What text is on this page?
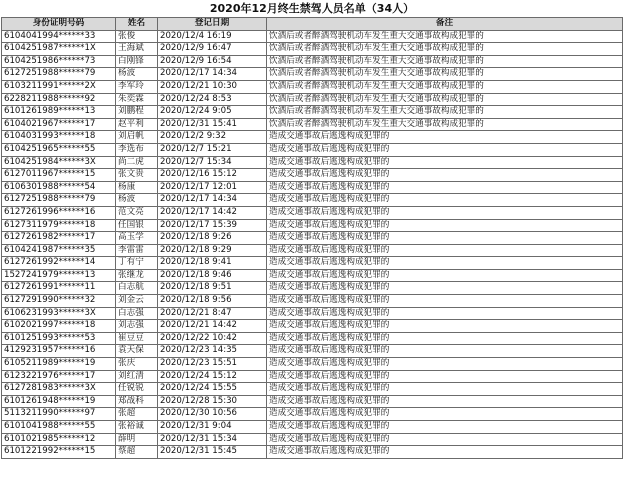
2020年12月终生禁驾人员名单（34人）
身份证明号码	姓名	登记日期	备注
6104041994******33	张俊	2020/12/4 16:19	饮酒后或者醉酒驾驶机动车发生重大交通事故构成犯罪的
6104251987******1X	王海斌	2020/12/9 16:47	饮酒后或者醉酒驾驶机动车发生重大交通事故构成犯罪的
6104251986******73	白刚锋	2020/12/9 16:54	饮酒后或者醉酒驾驶机动车发生重大交通事故构成犯罪的
6127251988******79	杨波	2020/12/17 14:34	饮酒后或者醉酒驾驶机动车发生重大交通事故构成犯罪的
6103211991******2X	李军玲	2020/12/21 10:30	饮酒后或者醉酒驾驶机动车发生重大交通事故构成犯罪的
6228211988******92	朱奕霖	2020/12/24 8:53	饮酒后或者醉酒驾驶机动车发生重大交通事故构成犯罪的
6101261989******13	刘鹏程	2020/12/24 9:05	饮酒后或者醉酒驾驶机动车发生重大交通事故构成犯罪的
6104021967******17	赵平利	2020/12/31 15:41	饮酒后或者醉酒驾驶机动车发生重大交通事故构成犯罪的
6104031993******18	刘启帆	2020/12/2 9:32	造成交通事故后逃逸构成犯罪的
6104251965******55	李选布	2020/12/7 15:21	造成交通事故后逃逸构成犯罪的
6104251984******3X	尚二虎	2020/12/7 15:34	造成交通事故后逃逸构成犯罪的
6127011967******15	张文贵	2020/12/16 15:12	造成交通事故后逃逸构成犯罪的
6106301988******54	杨康	2020/12/17 12:01	造成交通事故后逃逸构成犯罪的
6127251988******79	杨波	2020/12/17 14:34	造成交通事故后逃逸构成犯罪的
6127261996******16	范文亮	2020/12/17 14:42	造成交通事故后逃逸构成犯罪的
6127311979******18	任国银	2020/12/17 15:39	造成交通事故后逃逸构成犯罪的
6127261982******17	高玉学	2020/12/18 9:26	造成交通事故后逃逸构成犯罪的
6104241987******35	李雷雷	2020/12/18 9:29	造成交通事故后逃逸构成犯罪的
6127261992******14	丁有宁	2020/12/18 9:41	造成交通事故后逃逸构成犯罪的
1527241979******13	张继龙	2020/12/18 9:46	造成交通事故后逃逸构成犯罪的
6127261991******11	白志航	2020/12/18 9:51	造成交通事故后逃逸构成犯罪的
6127291990******32	刘金云	2020/12/18 9:56	造成交通事故后逃逸构成犯罪的
6106231993******3X	白志强	2020/12/21 8:47	造成交通事故后逃逸构成犯罪的
6102021997******18	刘志强	2020/12/21 14:42	造成交通事故后逃逸构成犯罪的
6101251993******53	崔豆豆	2020/12/22 10:42	造成交通事故后逃逸构成犯罪的
4129231957******16	袁天保	2020/12/23 14:35	造成交通事故后逃逸构成犯罪的
6105211989******19	张庆	2020/12/23 15:51	造成交通事故后逃逸构成犯罪的
6123221976******17	刘红清	2020/12/24 15:12	造成交通事故后逃逸构成犯罪的
6127281983******3X	任锐锐	2020/12/24 15:55	造成交通事故后逃逸构成犯罪的
6101261948******19	郑战科	2020/12/28 15:30	造成交通事故后逃逸构成犯罪的
5113211990******97	张超	2020/12/30 10:56	造成交通事故后逃逸构成犯罪的
6101041988******55	张裕诚	2020/12/31 9:04	造成交通事故后逃逸构成犯罪的
6101021985******12	薛明	2020/12/31 15:34	造成交通事故后逃逸构成犯罪的
6101221992******15	蔡超	2020/12/31 15:45	造成交通事故后逃逸构成犯罪的
